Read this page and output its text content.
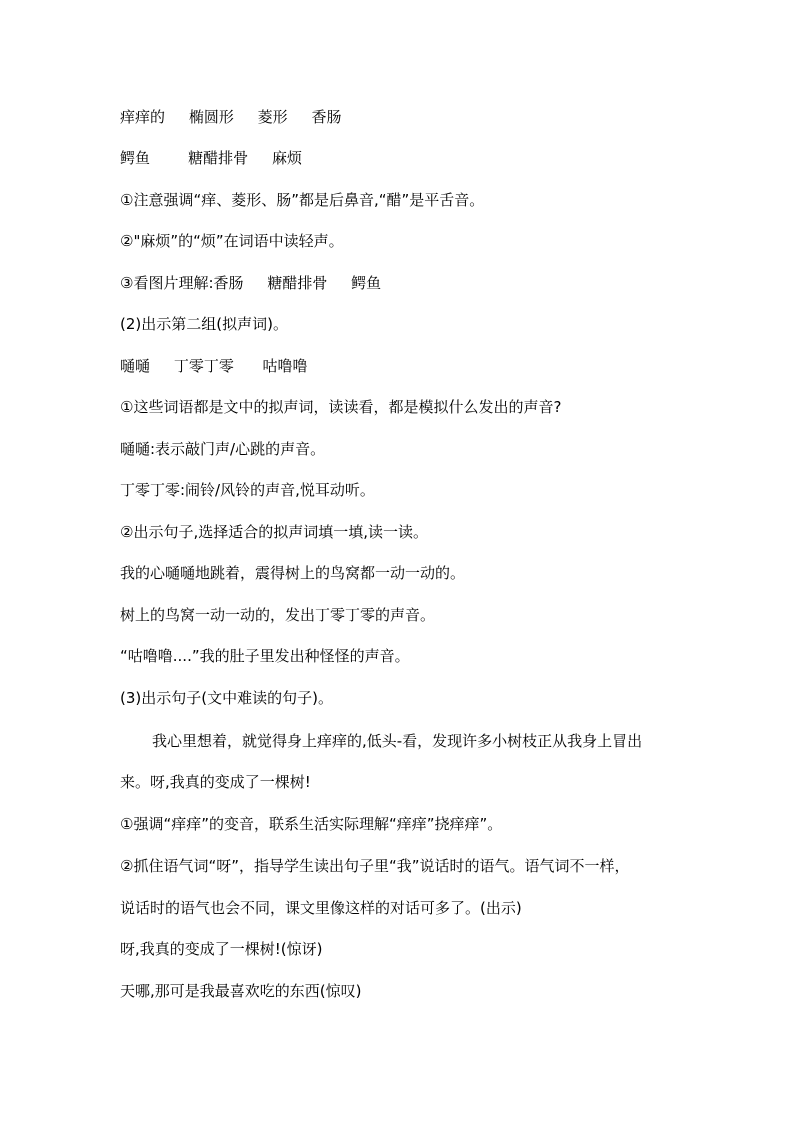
痒痒的     椭圆形     菱形     香肠
鳄鱼        糖醋排骨     麻烦
①注意强调“痒、菱形、肠”都是后鼻音,“醋”是平舌音。
②"麻烦”的“烦”在词语中读轻声。
③看图片理解:香肠     糖醋排骨     鳄鱼
(2)出示第二组(拟声词)。
嗵嗵     丁零丁零      咕噜噜
①这些词语都是文中的拟声词，读读看，都是模拟什么发出的声音?
嗵嗵:表示敲门声/心跳的声音。
丁零丁零:闹铃/风铃的声音,悦耳动听。
②出示句子,选择适合的拟声词填一填,读一读。
我的心嗵嗵地跳着，震得树上的鸟窝都一动一动的。
树上的鸟窝一动一动的，发出丁零丁零的声音。
“咕噜噜....”我的肚子里发出种怪怪的声音。
(3)出示句子(文中难读的句子)。
我心里想着，就觉得身上痒痒的,低头-看，发现许多小树枝正从我身上冒出
来。呀,我真的变成了一棵树!
①强调“痒痒”的变音，联系生活实际理解“痒痒”挠痒痒”。
②抓住语气词“呀”，指导学生读出句子里“我”说话时的语气。语气词不一样，
说话时的语气也会不同，课文里像这样的对话可多了。(出示)
呀,我真的变成了一棵树!(惊讶)
天哪,那可是我最喜欢吃的东西(惊叹)
